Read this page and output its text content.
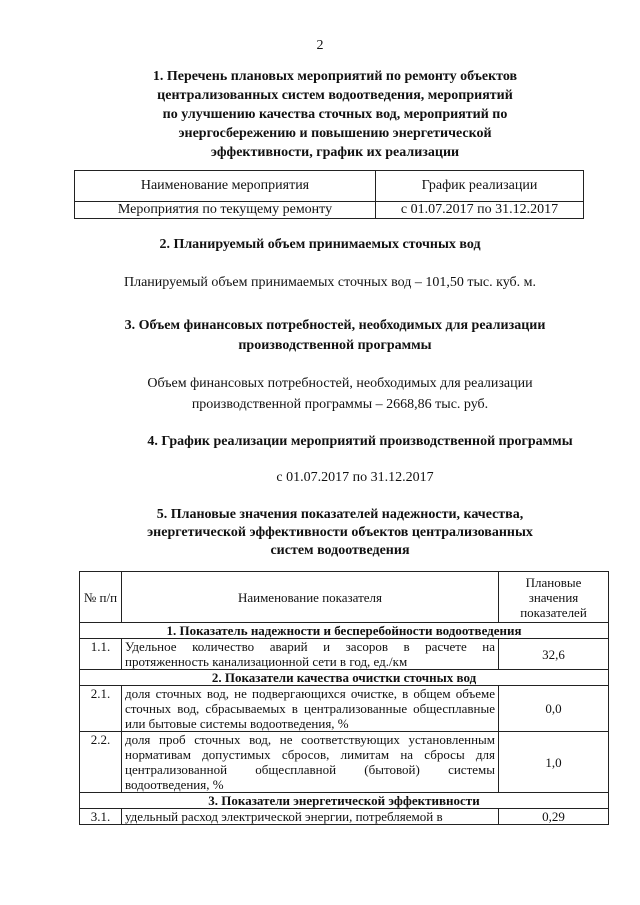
2
1. Перечень плановых мероприятий по ремонту объектов
централизованных систем водоотведения, мероприятий
по улучшению качества сточных вод, мероприятий по
энергосбережению и повышению энергетической
эффективности, график их реализации
Наименование мероприятия	График реализации
Мероприятия по текущему ремонту	с 01.07.2017 по 31.12.2017
2. Планируемый объем принимаемых сточных вод
Планируемый объем принимаемых сточных вод – 101,50 тыс. куб. м.
3. Объем финансовых потребностей, необходимых для реализации
производственной программы
Объем финансовых потребностей, необходимых для реализации
производственной программы – 2668,86 тыс. руб.
4. График реализации мероприятий производственной программы
с 01.07.2017 по 31.12.2017
5. Плановые значения показателей надежности, качества,
энергетической эффективности объектов централизованных
систем водоотведения
№ п/п	Наименование показателя	Плановые значения показателей
1. Показатель надежности и бесперебойности водоотведения		
1.1.	Удельное количество аварий и засоров в расчете на протяженность канализационной сети в год, ед./км	32,6
2. Показатели качества очистки сточных вод		
2.1.	доля сточных вод, не подвергающихся очистке, в общем объеме сточных вод, сбрасываемых в централизованные общесплавные или бытовые системы водоотведения, %	0,0
2.2.	доля проб сточных вод, не соответствующих установленным нормативам допустимых сбросов, лимитам на сбросы для централизованной общесплавной (бытовой) системы водоотведения, %	1,0
3. Показатели энергетической эффективности		
3.1.	удельный расход электрической энергии, потребляемой в	0,29
